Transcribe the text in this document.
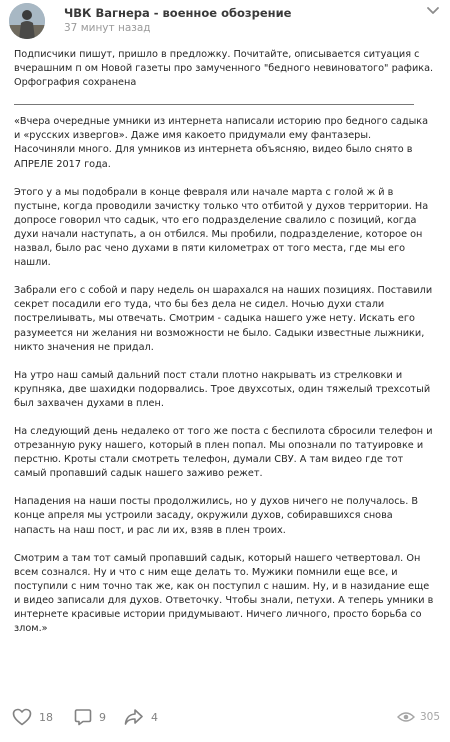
ЧВК Вагнера - военное обозрение
37 минут назад

Подписчики пишут, пришло в предложку. Почитайте, описывается ситуация с вчерашним п ом Новой газеты про замученного "бедного невиноватого" рафика. Орфография сохранена

«Вчера очередные умники из интернета написали историю про бедного садыка и «русских извергов». Даже имя какоето придумали ему фантазеры. Насочиняли много. Для умников из интернета объясняю, видео было снято в АПРЕЛЕ 2017 года.

Этого у а мы подобрали в конце февраля или начале марта с голой ж й в пустыне, когда проводили зачистку только что отбитой у духов территории. На допросе говорил что садык, что его подразделение свалило с позиций, когда духи начали наступать, а он отбился. Мы пробили, подразделение, которое он назвал, было рас чено духами в пяти километрах от того места, где мы его нашли.

Забрали его с собой и пару недель он шарахался на наших позициях. Поставили секрет посадили его туда, что бы без дела не сидел. Ночью духи стали пострелиывать, мы отвечать. Смотрим - садыка нашего уже нету. Искать его разумеется ни желания ни возможности не было. Садыки известные лыжники, никто значения не придал.

На утро наш самый дальний пост стали плотно накрывать из стрелковки и крупняка, две шахидки подорвались. Трое двухсотых, один тяжелый трехсотый был захвачен духами в плен.

На следующий день недалеко от того же поста с беспилота сбросили телефон и отрезанную руку нашего, который в плен попал. Мы опознали по татуировке и перстню. Кроты стали смотреть телефон, думали СВУ. А там видео где тот самый пропавший садык нашего заживо режет.

Нападения на наши посты продолжились, но у духов ничего не получалось. В конце апреля мы устроили засаду, окружили духов, собиравшихся снова напасть на наш пост, и рас ли их, взяв в плен троих.

Смотрим а там тот самый пропавший садык, который нашего четвертовал. Он всем сознался. Ну и что с ним еще делать то. Мужики помнили еще все, и поступили с ним точно так же, как он поступил с нашим. Ну, и в назидание еще и видео записали для духов. Ответочку. Чтобы знали, петухи. А теперь умники в интернете красивые истории придумывают. Ничего личного, просто борьба со злом.»

18	9	4	305
